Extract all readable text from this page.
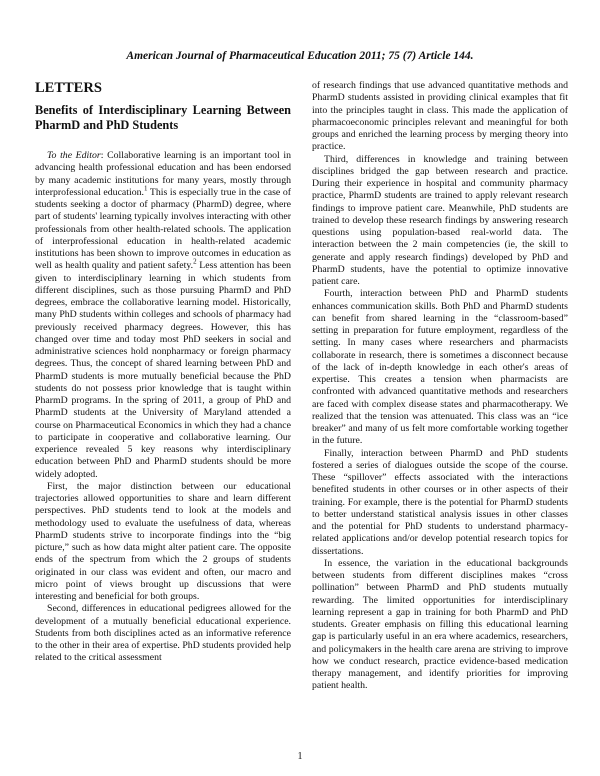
American Journal of Pharmaceutical Education 2011; 75 (7) Article 144.
LETTERS
Benefits of Interdisciplinary Learning Between PharmD and PhD Students

To the Editor: Collaborative learning is an important tool in advancing health professional education and has been endorsed by many academic institutions for many years, mostly through interprofessional education.$^1$ This is especially true in the case of students seeking a doctor of pharmacy (PharmD) degree, where part of students' learning typically involves interacting with other professionals from other health-related schools. The application of interprofessional education in health-related academic institutions has been shown to improve outcomes in education as well as health quality and patient safety.$^2$ Less attention has been given to interdisciplinary learning in which students from different disciplines, such as those pursuing PharmD and PhD degrees, embrace the collaborative learning model. Historically, many PhD students within colleges and schools of pharmacy had previously received pharmacy degrees. However, this has changed over time and today most PhD seekers in social and administrative sciences hold nonpharmacy or foreign pharmacy degrees. Thus, the concept of shared learning between PhD and PharmD students is more mutually beneficial because the PhD students do not possess prior knowledge that is taught within PharmD programs. In the spring of 2011, a group of PhD and PharmD students at the University of Maryland attended a course on Pharmaceutical Economics in which they had a chance to participate in cooperative and collaborative learning. Our experience revealed 5 key reasons why interdisciplinary education between PhD and PharmD students should be more widely adopted.

First, the major distinction between our educational trajectories allowed opportunities to share and learn different perspectives. PhD students tend to look at the models and methodology used to evaluate the usefulness of data, whereas PharmD students strive to incorporate findings into the “big picture,” such as how data might alter patient care. The opposite ends of the spectrum from which the 2 groups of students originated in our class was evident and often, our macro and micro point of views brought up discussions that were interesting and beneficial for both groups.

Second, differences in educational pedigrees allowed for the development of a mutually beneficial educational experience. Students from both disciplines acted as an informative reference to the other in their area of expertise. PhD students provided help related to the critical assessment

of research findings that use advanced quantitative methods and PharmD students assisted in providing clinical examples that fit into the principles taught in class. This made the application of pharmacoeconomic principles relevant and meaningful for both groups and enriched the learning process by merging theory into practice.

Third, differences in knowledge and training between disciplines bridged the gap between research and practice. During their experience in hospital and community pharmacy practice, PharmD students are trained to apply relevant research findings to improve patient care. Meanwhile, PhD students are trained to develop these research findings by answering research questions using population-based real-world data. The interaction between the 2 main competencies (ie, the skill to generate and apply research findings) developed by PhD and PharmD students, have the potential to optimize innovative patient care.

Fourth, interaction between PhD and PharmD students enhances communication skills. Both PhD and PharmD students can benefit from shared learning in the “classroom-based” setting in preparation for future employment, regardless of the setting. In many cases where researchers and pharmacists collaborate in research, there is sometimes a disconnect because of the lack of in-depth knowledge in each other's areas of expertise. This creates a tension when pharmacists are confronted with advanced quantitative methods and researchers are faced with complex disease states and pharmacotherapy. We realized that the tension was attenuated. This class was an “ice breaker” and many of us felt more comfortable working together in the future.

Finally, interaction between PharmD and PhD students fostered a series of dialogues outside the scope of the course. These “spillover” effects associated with the interactions benefited students in other courses or in other aspects of their training. For example, there is the potential for PharmD students to better understand statistical analysis issues in other classes and the potential for PhD students to understand pharmacy-related applications and/or develop potential research topics for dissertations.

In essence, the variation in the educational backgrounds between students from different disciplines makes “cross pollination” between PharmD and PhD students mutually rewarding. The limited opportunities for interdisciplinary learning represent a gap in training for both PharmD and PhD students. Greater emphasis on filling this educational learning gap is particularly useful in an era where academics, researchers, and policymakers in the health care arena are striving to improve how we conduct research, practice evidence-based medication therapy management, and identify priorities for improving patient health.

1
